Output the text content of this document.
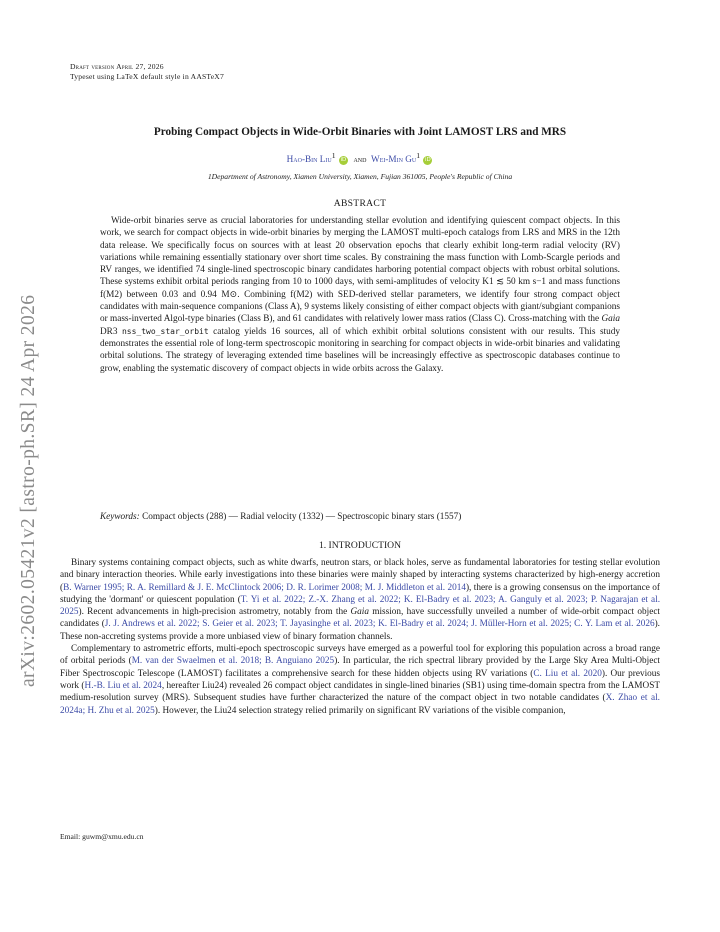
Draft version April 27, 2026
Typeset using LaTeX default style in AASTeX7
arXiv:2602.05421v2 [astro-ph.SR] 24 Apr 2026
Probing Compact Objects in Wide-Orbit Binaries with Joint LAMOST LRS and MRS
Hao-Bin Liu$^1$ iD and Wei-Min Gu$^1$ iD
1Department of Astronomy, Xiamen University, Xiamen, Fujian 361005, People's Republic of China
ABSTRACT
Wide-orbit binaries serve as crucial laboratories for understanding stellar evolution and identifying quiescent compact objects. In this work, we search for compact objects in wide-orbit binaries by merging the LAMOST multi-epoch catalogs from LRS and MRS in the 12th data release. We specifically focus on sources with at least 20 observation epochs that clearly exhibit long-term radial velocity (RV) variations while remaining essentially stationary over short time scales. By constraining the mass function with Lomb-Scargle periods and RV ranges, we identified 74 single-lined spectroscopic binary candidates harboring potential compact objects with robust orbital solutions. These systems exhibit orbital periods ranging from 10 to 1000 days, with semi-amplitudes of velocity K1 ≲ 50 km s−1 and mass functions f(M2) between 0.03 and 0.94 M⊙. Combining f(M2) with SED-derived stellar parameters, we identify four strong compact object candidates with main-sequence companions (Class A), 9 systems likely consisting of either compact objects with giant/subgiant companions or mass-inverted Algol-type binaries (Class B), and 61 candidates with relatively lower mass ratios (Class C). Cross-matching with the Gaia DR3 nss_two_star_orbit catalog yields 16 sources, all of which exhibit orbital solutions consistent with our results. This study demonstrates the essential role of long-term spectroscopic monitoring in searching for compact objects in wide-orbit binaries and validating orbital solutions. The strategy of leveraging extended time baselines will be increasingly effective as spectroscopic databases continue to grow, enabling the systematic discovery of compact objects in wide orbits across the Galaxy.
Keywords: Compact objects (288) — Radial velocity (1332) — Spectroscopic binary stars (1557)
1. INTRODUCTION

Binary systems containing compact objects, such as white dwarfs, neutron stars, or black holes, serve as fundamental laboratories for testing stellar evolution and binary interaction theories. While early investigations into these binaries were mainly shaped by interacting systems characterized by high-energy accretion (B. Warner 1995; R. A. Remillard & J. E. McClintock 2006; D. R. Lorimer 2008; M. J. Middleton et al. 2014), there is a growing consensus on the importance of studying the 'dormant' or quiescent population (T. Yi et al. 2022; Z.-X. Zhang et al. 2022; K. El-Badry et al. 2023; A. Ganguly et al. 2023; P. Nagarajan et al. 2025). Recent advancements in high-precision astrometry, notably from the Gaia mission, have successfully unveiled a number of wide-orbit compact object candidates (J. J. Andrews et al. 2022; S. Geier et al. 2023; T. Jayasinghe et al. 2023; K. El-Badry et al. 2024; J. Müller-Horn et al. 2025; C. Y. Lam et al. 2026). These non-accreting systems provide a more unbiased view of binary formation channels.

Complementary to astrometric efforts, multi-epoch spectroscopic surveys have emerged as a powerful tool for exploring this population across a broad range of orbital periods (M. van der Swaelmen et al. 2018; B. Anguiano 2025). In particular, the rich spectral library provided by the Large Sky Area Multi-Object Fiber Spectroscopic Telescope (LAMOST) facilitates a comprehensive search for these hidden objects using RV variations (C. Liu et al. 2020). Our previous work (H.-B. Liu et al. 2024, hereafter Liu24) revealed 26 compact object candidates in single-lined binaries (SB1) using time-domain spectra from the LAMOST medium-resolution survey (MRS). Subsequent studies have further characterized the nature of the compact object in two notable candidates (X. Zhao et al. 2024a; H. Zhu et al. 2025). However, the Liu24 selection strategy relied primarily on significant RV variations of the visible companion,

Email: guwm@xmu.edu.cn
